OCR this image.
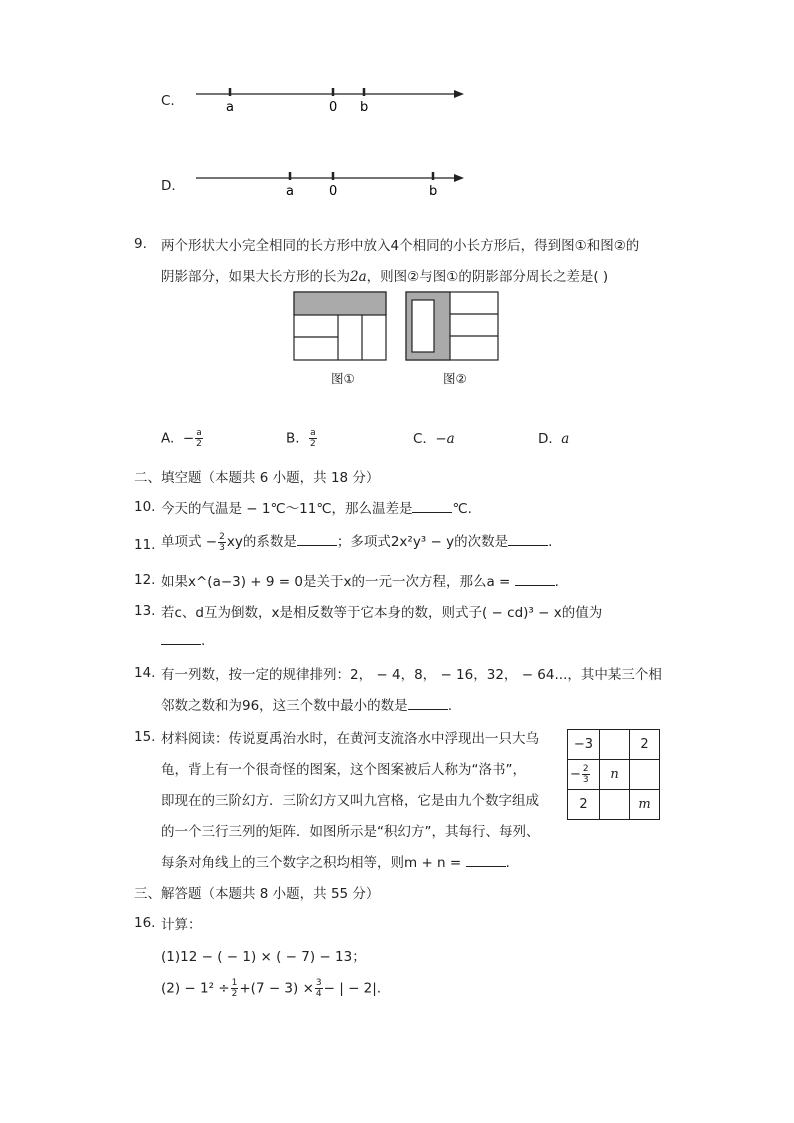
C.	a	0 b
D.	a	0	b
9. 两个形状大小完全相同的长方形中放入4个相同的小长方形后，得到图①和图②的
阴影部分，如果大长方形的长为2a，则图②与图①的阴影部分周长之差是( )
图①	图②
A. − $\frac{a}{2}$	B. $\frac{a}{2}$	C. −a	D. a
二、填空题（本题共 6 小题，共 18 分）
10. 今天的气温是 − 1℃～11℃，那么温差是	℃.
11. 单项式 − $\frac{2}{3}$ xy的系数是	；多项式2x²y³ − y的次数是	.
12. 如果x^(a−3) + 9 = 0是关于x的一元一次方程，那么a =	.
13. 若c、d互为倒数，x是相反数等于它本身的数，则式子( − cd)³ − x的值为
.
14. 有一列数，按一定的规律排列：2， − 4，8， − 16，32， − 64...，其中某三个相
邻数之数和为96，这三个数中最小的数是	.
15. 材料阅读：传说夏禹治水时，在黄河支流洛水中浮现出一只大乌
龟，背上有一个很奇怪的图案，这个图案被后人称为“洛书”，
即现在的三阶幻方．三阶幻方又叫九宫格，它是由九个数字组成
的一个三行三列的矩阵．如图所示是“积幻方”，其每行、每列、
每条对角线上的三个数字之积均相等，则m + n =	.
−3		2
− $\frac{2}{3}$	n	
2		m
三、解答题（本题共 8 小题，共 55 分）
16. 计算：
(1)12 − ( − 1) × ( − 7) − 13；
$(2) - 1^2 \div \frac{1}{2} +(7 - 3) \times \frac{3}{4}$ − | − 2|.
